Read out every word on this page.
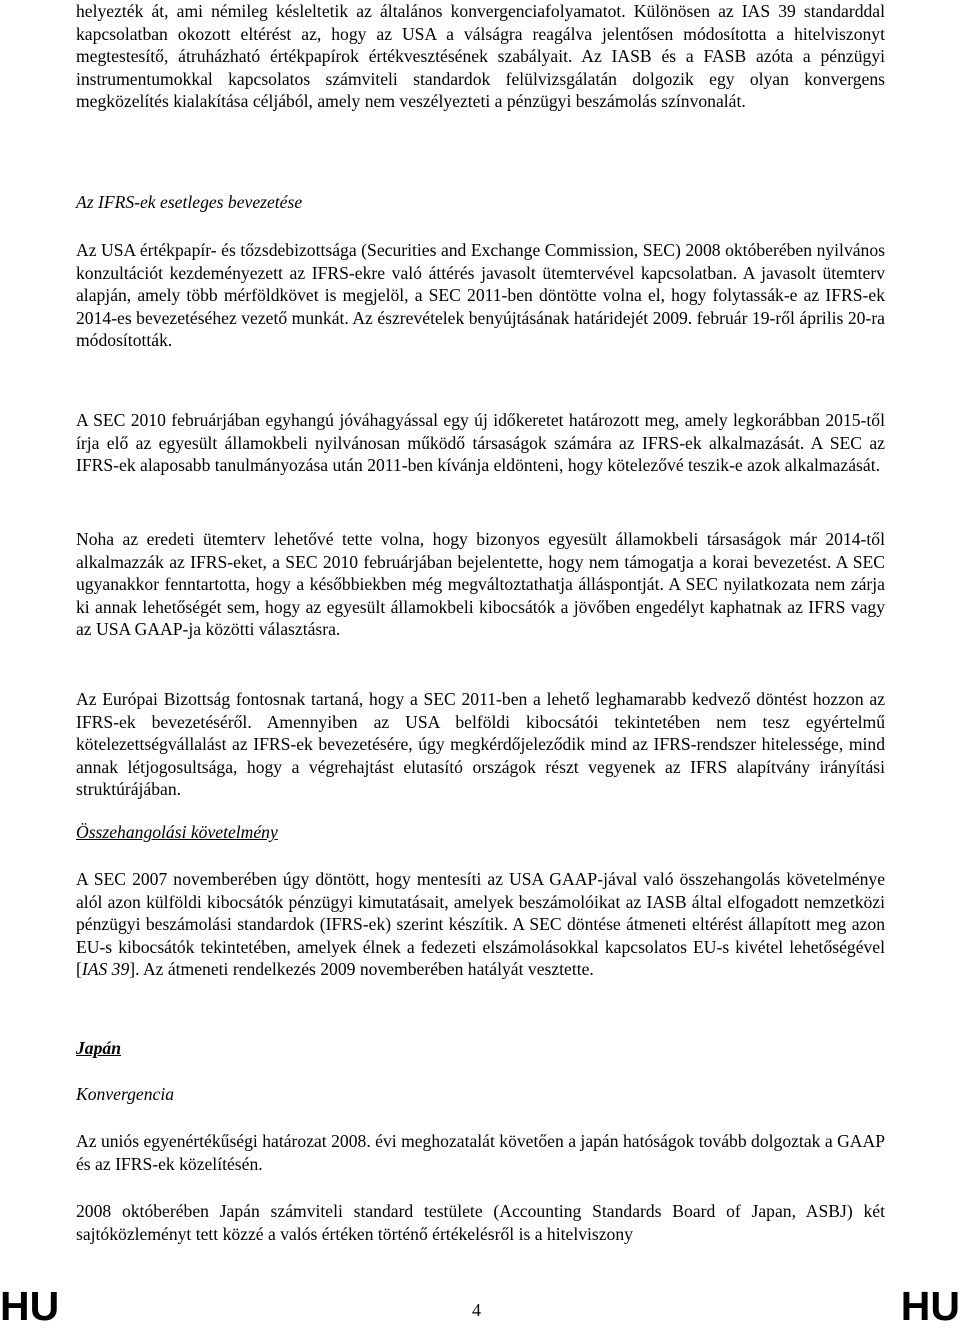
helyezték át, ami némileg késleltetik az általános konvergenciafolyamatot. Különösen az IAS 39 standarddal kapcsolatban okozott eltérést az, hogy az USA a válságra reagálva jelentősen módosította a hitelviszonyt megtestesítő, átruházható értékpapírok értékvesztésének szabályait. Az IASB és a FASB azóta a pénzügyi instrumentumokkal kapcsolatos számviteli standardok felülvizsgálatán dolgozik egy olyan konvergens megközelítés kialakítása céljából, amely nem veszélyezteti a pénzügyi beszámolás színvonalát.

Az IFRS-ek esetleges bevezetése

Az USA értékpapír- és tőzsdebizottsága (Securities and Exchange Commission, SEC) 2008 októberében nyilvános konzultációt kezdeményezett az IFRS-ekre való áttérés javasolt ütemtervével kapcsolatban. A javasolt ütemterv alapján, amely több mérföldkövet is megjelöl, a SEC 2011-ben döntötte volna el, hogy folytassák-e az IFRS-ek 2014-es bevezetéséhez vezető munkát. Az észrevételek benyújtásának határidejét 2009. február 19-ről április 20-ra módosították.

A SEC 2010 februárjában egyhangú jóváhagyással egy új időkeretet határozott meg, amely legkorábban 2015-től írja elő az egyesült államokbeli nyilvánosan működő társaságok számára az IFRS-ek alkalmazását. A SEC az IFRS-ek alaposabb tanulmányozása után 2011-ben kívánja eldönteni, hogy kötelezővé teszik-e azok alkalmazását.

Noha az eredeti ütemterv lehetővé tette volna, hogy bizonyos egyesült államokbeli társaságok már 2014-től alkalmazzák az IFRS-eket, a SEC 2010 februárjában bejelentette, hogy nem támogatja a korai bevezetést. A SEC ugyanakkor fenntartotta, hogy a későbbiekben még megváltoztathatja álláspontját. A SEC nyilatkozata nem zárja ki annak lehetőségét sem, hogy az egyesült államokbeli kibocsátók a jövőben engedélyt kaphatnak az IFRS vagy az USA GAAP-ja közötti választásra.

Az Európai Bizottság fontosnak tartaná, hogy a SEC 2011-ben a lehető leghamarabb kedvező döntést hozzon az IFRS-ek bevezetéséről. Amennyiben az USA belföldi kibocsátói tekintetében nem tesz egyértelmű kötelezettségvállalást az IFRS-ek bevezetésére, úgy megkérdőjeleződik mind az IFRS-rendszer hitelessége, mind annak létjogosultsága, hogy a végrehajtást elutasító országok részt vegyenek az IFRS alapítvány irányítási struktúrájában.

Összehangolási követelmény

A SEC 2007 novemberében úgy döntött, hogy mentesíti az USA GAAP-jával való összehangolás követelménye alól azon külföldi kibocsátók pénzügyi kimutatásait, amelyek beszámolóikat az IASB által elfogadott nemzetközi pénzügyi beszámolási standardok (IFRS-ek) szerint készítik. A SEC döntése átmeneti eltérést állapított meg azon EU-s kibocsátók tekintetében, amelyek élnek a fedezeti elszámolásokkal kapcsolatos EU-s kivétel lehetőségével [IAS 39]. Az átmeneti rendelkezés 2009 novemberében hatályát vesztette.

Japán

Konvergencia

Az uniós egyenértékűségi határozat 2008. évi meghozatalát követően a japán hatóságok tovább dolgoztak a GAAP és az IFRS-ek közelítésén.

2008 októberében Japán számviteli standard testülete (Accounting Standards Board of Japan, ASBJ) két sajtóközleményt tett közzé a valós értéken történő értékelésről is a hitelviszony

HU	4	HU
